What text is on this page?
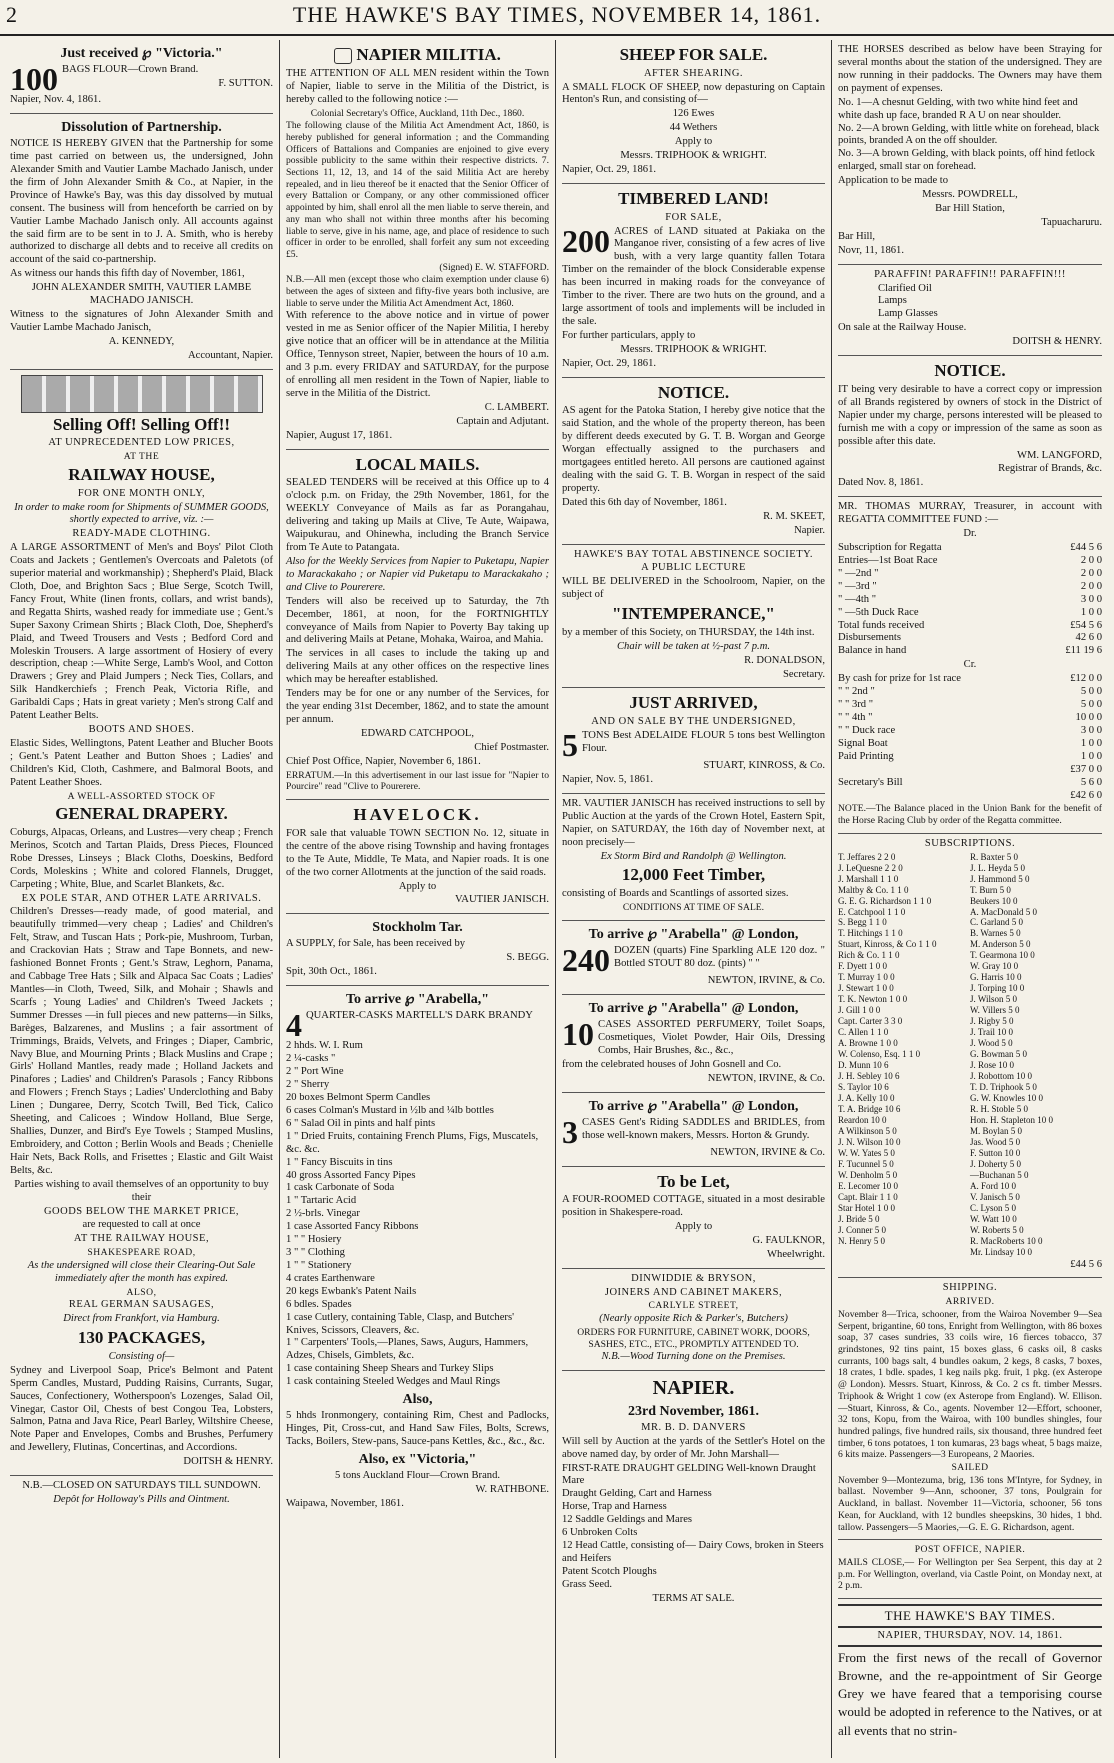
2	THE HAWKE'S BAY TIMES, NOVEMBER 14, 1861.
Just received ℘ "Victoria."
100 BAGS FLOUR—Crown Brand.

F. SUTTON.

Napier, Nov. 4, 1861.

Dissolution of Partnership.

NOTICE IS HEREBY GIVEN that the Partnership for some time past carried on between us, the undersigned, John Alexander Smith and Vautier Lambe Machado Janisch, under the firm of John Alexander Smith & Co., at Napier, in the Province of Hawke's Bay, was this day dissolved by mutual consent. The business will from henceforth be carried on by Vautier Lambe Machado Janisch only. All accounts against the said firm are to be sent in to J. A. Smith, who is hereby authorized to discharge all debts and to receive all credits on account of the said co-partnership.

As witness our hands this fifth day of November, 1861,

JOHN ALEXANDER SMITH, VAUTIER LAMBE MACHADO JANISCH.

Witness to the signatures of John Alexander Smith and Vautier Lambe Machado Janisch,

A. KENNEDY,

Accountant, Napier.

Selling Off! Selling Off!!
AT UNPRECEDENTED LOW PRICES,
AT THE
RAILWAY HOUSE,
FOR ONE MONTH ONLY,

In order to make room for Shipments of SUMMER GOODS, shortly expected to arrive, viz. :—

READY-MADE CLOTHING.

A LARGE ASSORTMENT of Men's and Boys' Pilot Cloth Coats and Jackets ; Gentlemen's Overcoats and Paletots (of superior material and workmanship) ; Shepherd's Plaid, Black Cloth, Doe, and Brighton Sacs ; Blue Serge, Scotch Twill, Fancy Frout, White (linen fronts, collars, and wrist bands), and Regatta Shirts, washed ready for immediate use ; Gent.'s Super Saxony Crimean Shirts ; Black Cloth, Doe, Shepherd's Plaid, and Tweed Trousers and Vests ; Bedford Cord and Moleskin Trousers. A large assortment of Hosiery of every description, cheap :—White Serge, Lamb's Wool, and Cotton Drawers ; Grey and Plaid Jumpers ; Neck Ties, Collars, and Silk Handkerchiefs ; French Peak, Victoria Rifle, and Garibaldi Caps ; Hats in great variety ; Men's strong Calf and Patent Leather Belts.

BOOTS AND SHOES.

Elastic Sides, Wellingtons, Patent Leather and Blucher Boots ; Gent.'s Patent Leather and Button Shoes ; Ladies' and Children's Kid, Cloth, Cashmere, and Balmoral Boots, and Patent Leather Shoes.

A WELL-ASSORTED STOCK OF
GENERAL DRAPERY.

Coburgs, Alpacas, Orleans, and Lustres—very cheap ; French Merinos, Scotch and Tartan Plaids, Dress Pieces, Flounced Robe Dresses, Linseys ; Black Cloths, Doeskins, Bedford Cords, Moleskins ; White and colored Flannels, Drugget, Carpeting ; White, Blue, and Scarlet Blankets, &c.

EX POLE STAR, AND OTHER LATE ARRIVALS.

Children's Dresses—ready made, of good material, and beautifully trimmed—very cheap ; Ladies' and Children's Felt, Straw, and Tuscan Hats ; Pork-pie, Mushroom, Turban, and Crackovian Hats ; Straw and Tape Bonnets, and new-fashioned Bonnet Fronts ; Gent.'s Straw, Leghorn, Panama, and Cabbage Tree Hats ; Silk and Alpaca Sac Coats ; Ladies' Mantles—in Cloth, Tweed, Silk, and Mohair ; Shawls and Scarfs ; Young Ladies' and Children's Tweed Jackets ; Summer Dresses —in full pieces and new patterns—in Silks, Barèges, Balzarenes, and Muslins ; a fair assortment of Trimmings, Braids, Velvets, and Fringes ; Diaper, Cambric, Navy Blue, and Mourning Prints ; Black Muslins and Crape ; Girls' Holland Mantles, ready made ; Holland Jackets and Pinafores ; Ladies' and Children's Parasols ; Fancy Ribbons and Flowers ; French Stays ; Ladies' Underclothing and Baby Linen ; Dungaree, Derry, Scotch Twill, Bed Tick, Calico Sheeting, and Calicoes ; Window Holland, Blue Serge, Shallies, Dunzer, and Bird's Eye Towels ; Stamped Muslins, Embroidery, and Cotton ; Berlin Wools and Beads ; Chenielle Hair Nets, Back Rolls, and Frisettes ; Elastic and Gilt Waist Belts, &c.

Parties wishing to avail themselves of an opportunity to buy their

GOODS BELOW THE MARKET PRICE,

are requested to call at once

AT THE RAILWAY HOUSE,
SHAKESPEARE ROAD,

As the undersigned will close their Clearing-Out Sale immediately after the month has expired.

ALSO,
REAL GERMAN SAUSAGES,

Direct from Frankfort, via Hamburg.

130 PACKAGES,

Consisting of—

Sydney and Liverpool Soap, Price's Belmont and Patent Sperm Candles, Mustard, Pudding Raisins, Currants, Sugar, Sauces, Confectionery, Wotherspoon's Lozenges, Salad Oil, Vinegar, Castor Oil, Chests of best Congou Tea, Lobsters, Salmon, Patna and Java Rice, Pearl Barley, Wiltshire Cheese, Note Paper and Envelopes, Combs and Brushes, Perfumery and Jewellery, Flutinas, Concertinas, and Accordions.

DOITSH & HENRY.

N.B.—CLOSED ON SATURDAYS TILL SUNDOWN.

Depôt for Holloway's Pills and Ointment.

NAPIER MILITIA.

THE ATTENTION OF ALL MEN resident within the Town of Napier, liable to serve in the Militia of the District, is hereby called to the following notice :—

Colonial Secretary's Office, Auckland, 11th Dec., 1860.

The following clause of the Militia Act Amendment Act, 1860, is hereby published for general information ; and the Commanding Officers of Battalions and Companies are enjoined to give every possible publicity to the same within their respective districts. 7. Sections 11, 12, 13, and 14 of the said Militia Act are hereby repealed, and in lieu thereof be it enacted that the Senior Officer of every Battalion or Company, or any other commissioned officer appointed by him, shall enrol all the men liable to serve therein, and any man who shall not within three months after his becoming liable to serve, give in his name, age, and place of residence to such officer in order to be enrolled, shall forfeit any sum not exceeding £5.

(Signed) E. W. STAFFORD.

N.B.—All men (except those who claim exemption under clause 6) between the ages of sixteen and fifty-five years both inclusive, are liable to serve under the Militia Act Amendment Act, 1860.

With reference to the above notice and in virtue of power vested in me as Senior officer of the Napier Militia, I hereby give notice that an officer will be in attendance at the Militia Office, Tennyson street, Napier, between the hours of 10 a.m. and 3 p.m. every FRIDAY and SATURDAY, for the purpose of enrolling all men resident in the Town of Napier, liable to serve in the Militia of the District.

C. LAMBERT.

Captain and Adjutant.

Napier, August 17, 1861.

LOCAL MAILS.

SEALED TENDERS will be received at this Office up to 4 o'clock p.m. on Friday, the 29th November, 1861, for the WEEKLY Conveyance of Mails as far as Porangahau, delivering and taking up Mails at Clive, Te Aute, Waipawa, Waipukurau, and Ohinewha, including the Branch Service from Te Aute to Patangata.

Also for the Weekly Services from Napier to Puketapu, Napier to Marackakaho ; or Napier vid Puketapu to Marackakaho ; and Clive to Pourerere.

Tenders will also be received up to Saturday, the 7th December, 1861, at noon, for the FORTNIGHTLY conveyance of Mails from Napier to Poverty Bay taking up and delivering Mails at Petane, Mohaka, Wairoa, and Mahia.

The services in all cases to include the taking up and delivering Mails at any other offices on the respective lines which may be hereafter established.

Tenders may be for one or any number of the Services, for the year ending 31st December, 1862, and to state the amount per annum.

EDWARD CATCHPOOL,

Chief Postmaster.

Chief Post Office, Napier, November 6, 1861.

ERRATUM.—In this advertisement in our last issue for "Napier to Pourcire" read "Clive to Pourerere.

HAVELOCK.

FOR sale that valuable TOWN SECTION No. 12, situate in the centre of the above rising Township and having frontages to the Te Aute, Middle, Te Mata, and Napier roads. It is one of the two corner Allotments at the junction of the said roads.

Apply to

VAUTIER JANISCH.

Stockholm Tar.

A SUPPLY, for Sale, has been received by

S. BEGG.

Spit, 30th Oct., 1861.

To arrive ℘ "Arabella,"
4 QUARTER-CASKS MARTELL'S DARK BRANDY

2 hhds. W. I. Rum
2 ¼-casks "
2 " Port Wine
2 " Sherry
20 boxes Belmont Sperm Candles
6 cases Colman's Mustard in ½lb and ¼lb bottles
6 " Salad Oil in pints and half pints
1 " Dried Fruits, containing French Plums, Figs, Muscatels, &c. &c.
1 " Fancy Biscuits in tins
40 gross Assorted Fancy Pipes
1 cask Carbonate of Soda
1 " Tartaric Acid
2 ½-brls. Vinegar
1 case Assorted Fancy Ribbons
1 " " Hosiery
3 " " Clothing
1 " " Stationery
4 crates Earthenware
20 kegs Ewbank's Patent Nails
6 bdles. Spades
1 case Cutlery, containing Table, Clasp, and Butchers' Knives, Scissors, Cleavers, &c.
1 " Carpenters' Tools,—Planes, Saws, Augurs, Hammers, Adzes, Chisels, Gimblets, &c.
1 case containing Sheep Shears and Turkey Slips
1 cask containing Steeled Wedges and Maul Rings
Also,

5 hhds Ironmongery, containing Rim, Chest and Padlocks, Hinges, Pit, Cross-cut, and Hand Saw Files, Bolts, Screws, Tacks, Boilers, Stew-pans, Sauce-pans Kettles, &c., &c., &c.

Also, ex "Victoria,"

5 tons Auckland Flour—Crown Brand.

W. RATHBONE.

Waipawa, November, 1861.

SHEEP FOR SALE.
AFTER SHEARING.

A SMALL FLOCK OF SHEEP, now depasturing on Captain Henton's Run, and consisting of—

126 Ewes

44 Wethers

Apply to

Messrs. TRIPHOOK & WRIGHT.

Napier, Oct. 29, 1861.

TIMBERED LAND!
FOR SALE,
200 ACRES of LAND situated at Pakiaka on the Manganoe river, consisting of a few acres of live bush, with a very large quantity fallen Totara Timber on the remainder of the block Considerable expense has been incurred in making roads for the conveyance of Timber to the river. There are two huts on the ground, and a large assortment of tools and implements will be included in the sale.

For further particulars, apply to

Messrs. TRIPHOOK & WRIGHT.

Napier, Oct. 29, 1861.

NOTICE.

AS agent for the Patoka Station, I hereby give notice that the said Station, and the whole of the property thereon, has been by different deeds executed by G. T. B. Worgan and George Worgan effectually assigned to the purchasers and mortgagees entitled hereto. All persons are cautioned against dealing with the said G. T. B. Worgan in respect of the said property.

Dated this 6th day of November, 1861.

R. M. SKEET,

Napier.

HAWKE'S BAY TOTAL ABSTINENCE SOCIETY.
A PUBLIC LECTURE

WILL BE DELIVERED in the Schoolroom, Napier, on the subject of

"INTEMPERANCE,"

by a member of this Society, on THURSDAY, the 14th inst.

Chair will be taken at ½-past 7 p.m.

R. DONALDSON,

Secretary.

JUST ARRIVED,
AND ON SALE BY THE UNDERSIGNED,
5 TONS Best ADELAIDE FLOUR 5 tons best Wellington Flour.

STUART, KINROSS, & Co.

Napier, Nov. 5, 1861.

MR. VAUTIER JANISCH has received instructions to sell by Public Auction at the yards of the Crown Hotel, Eastern Spit, Napier, on SATURDAY, the 16th day of November next, at noon precisely—

Ex Storm Bird and Randolph @ Wellington.

12,000 Feet Timber,

consisting of Boards and Scantlings of assorted sizes.

CONDITIONS AT TIME OF SALE.

To arrive ℘ "Arabella" @ London,
240 DOZEN (quarts) Fine Sparkling ALE 120 doz. " Bottled STOUT 80 doz. (pints) " "

NEWTON, IRVINE, & Co.

To arrive ℘ "Arabella" @ London,
10 CASES ASSORTED PERFUMERY, Toilet Soaps, Cosmetiques, Violet Powder, Hair Oils, Dressing Combs, Hair Brushes, &c., &c.,

from the celebrated houses of John Gosnell and Co.

NEWTON, IRVINE, & Co.

To arrive ℘ "Arabella" @ London,
3 CASES Gent's Riding SADDLES and BRIDLES, from those well-known makers, Messrs. Horton & Grundy.

NEWTON, IRVINE & Co.

To be Let,

A FOUR-ROOMED COTTAGE, situated in a most desirable position in Shakespere-road.

Apply to

G. FAULKNOR,

Wheelwright.

DINWIDDIE & BRYSON,
JOINERS AND CABINET MAKERS,
CARLYLE STREET,

(Nearly opposite Rich & Parker's, Butchers)

ORDERS FOR FURNITURE, CABINET WORK, DOORS, SASHES, ETC., ETC., PROMPTLY ATTENDED TO.

N.B.—Wood Turning done on the Premises.

NAPIER.
23rd November, 1861.
MR. B. D. DANVERS

Will sell by Auction at the yards of the Settler's Hotel on the above named day, by order of Mr. John Marshall—

FIRST-RATE DRAUGHT GELDING Well-known Draught Mare
Draught Gelding, Cart and Harness
Horse, Trap and Harness
12 Saddle Geldings and Mares
6 Unbroken Colts
12 Head Cattle, consisting of— Dairy Cows, broken in Steers and Heifers
Patent Scotch Ploughs
Grass Seed.

TERMS AT SALE.

THE HORSES described as below have been Straying for several months about the station of the undersigned. They are now running in their paddocks. The Owners may have them on payment of expenses.

No. 1—A chesnut Gelding, with two white hind feet and white dash up face, branded R A U on near shoulder.
No. 2—A brown Gelding, with little white on forehead, black points, branded A on the off shoulder.
No. 3—A brown Gelding, with black points, off hind fetlock enlarged, small star on forehead.

Application to be made to

Messrs. POWDRELL,

Bar Hill Station,

Tapuacharuru.

Bar Hill,

Novr, 11, 1861.

PARAFFIN! PARAFFIN!! PARAFFIN!!!
Clarified Oil
Lamps
Lamp Glasses

On sale at the Railway House.

DOITSH & HENRY.

NOTICE.

IT being very desirable to have a correct copy or impression of all Brands registered by owners of stock in the District of Napier under my charge, persons interested will be pleased to furnish me with a copy or impression of the same as soon as possible after this date.

WM. LANGFORD,

Registrar of Brands, &c.

Dated Nov. 8, 1861.

MR. THOMAS MURRAY, Treasurer, in account with REGATTA COMMITTEE FUND :—

Dr.

Subscription for Regatta	£44 5 6
Entries—1st Boat Race	2 0 0
" —2nd "	2 0 0
" —3rd "	2 0 0
" —4th "	3 0 0
" —5th Duck Race	1 0 0
Total funds received	£54 5 6
Disbursements	42 6 0
Balance in hand	£11 19 6

Cr.

By cash for prize for 1st race	£12 0 0
" " 2nd "	5 0 0
" " 3rd "	5 0 0
" " 4th "	10 0 0
" " Duck race	3 0 0
Signal Boat	1 0 0
Paid Printing	1 0 0
£37 0 0
Secretary's Bill	5 6 0
£42 6 0

NOTE.—The Balance placed in the Union Bank for the benefit of the Horse Racing Club by order of the Regatta committee.

SUBSCRIPTIONS.
T. Jeffares 2 2 0
J. LeQuesne 2 2 0
J. Marshall 1 1 0
Maltby & Co. 1 1 0
G. E. G. Richardson 1 1 0
E. Catchpool 1 1 0
S. Begg 1 1 0
T. Hitchings 1 1 0
Stuart, Kinross, & Co 1 1 0
Rich & Co. 1 1 0
F. Dyett 1 0 0
T. Murray 1 0 0
J. Stewart 1 0 0
T. K. Newton 1 0 0
J. Gill 1 0 0
Capt. Carter 3 3 0
C. Allen 1 1 0
A. Browne 1 0 0
W. Colenso, Esq. 1 1 0
D. Munn 10 6
J. H. Sebley 10 6
S. Taylor 10 6
J. A. Kelly 10 0
T. A. Bridge 10 6
Reardon 10 0
A Wilkinson 5 0
J. N. Wilson 10 0
W. W. Yates 5 0
F. Tucunnel 5 0
W. Denholm 5 0
E. Lecomer 10 0
Capt. Blair 1 1 0
Star Hotel 1 0 0
J. Bride 5 0
J. Conner 5 0
N. Henry 5 0
R. Baxter 5 0
J. L. Heyda 5 0
J. Hammond 5 0
T. Burn 5 0
Beukers 10 0
A. MacDonald 5 0
C. Garland 5 0
B. Warnes 5 0
M. Anderson 5 0
T. Gearmona 10 0
W. Gray 10 0
G. Harris 10 0
J. Torping 10 0
J. Wilson 5 0
W. Villers 5 0
J. Rigby 5 0
J. Trail 10 0
J. Wood 5 0
G. Bowman 5 0
J. Rose 10 0
J. Robottom 10 0
T. D. Triphook 5 0
G. W. Knowles 10 0
R. H. Stoble 5 0
Hon. H. Stapleton 10 0
M. Boylan 5 0
Jas. Wood 5 0
F. Sutton 10 0
J. Doherty 5 0
—Buchanan 5 0
A. Ford 10 0
V. Janisch 5 0
C. Lyson 5 0
W. Watt 10 0
W. Roberts 5 0
R. MacRoberts 10 0
Mr. Lindsay 10 0

£44 5 6

SHIPPING.
ARRIVED.

November 8—Trica, schooner, from the Wairoa November 9—Sea Serpent, brigantine, 60 tons, Enright from Wellington, with 86 boxes soap, 37 cases sundries, 33 coils wire, 16 fierces tobacco, 37 grindstones, 92 tins paint, 15 boxes glass, 6 casks oil, 8 casks currants, 100 bags salt, 4 bundles oakum, 2 kegs, 8 casks, 7 boxes, 18 crates, 1 bdle. spades, 1 keg nails pkg. fruit, 1 pkg. (ex Asterope @ London). Messrs. Stuart, Kinross, & Co. 2 cs ft. timber Messrs. Triphook & Wright 1 cow (ex Asterope from England). W. Ellison.—Stuart, Kinross, & Co., agents. November 12—Effort, schooner, 32 tons, Kopu, from the Wairoa, with 100 bundles shingles, four hundred palings, five hundred rails, six thousand, three hundred feet timber, 6 tons potatoes, 1 ton kumaras, 23 bags wheat, 5 bags maize, 6 kits maize. Passengers—3 Europeans, 2 Maories.

SAILED

November 9—Montezuma, brig, 136 tons M'Intyre, for Sydney, in ballast. November 9—Ann, schooner, 37 tons, Poulgrain for Auckland, in ballast. November 11—Victoria, schooner, 56 tons Kean, for Auckland, with 12 bundles sheepskins, 30 hides, 1 bhd. tallow. Passengers—5 Maories,—G. E. G. Richardson, agent.

POST OFFICE, NAPIER.

MAILS CLOSE,— For Wellington per Sea Serpent, this day at 2 p.m. For Wellington, overland, via Castle Point, on Monday next, at 2 p.m.

THE HAWKE'S BAY TIMES.
NAPIER, THURSDAY, NOV. 14, 1861.

From the first news of the recall of Governor Browne, and the re-appointment of Sir George Grey we have feared that a temporising course would be adopted in reference to the Natives, or at all events that no strin-
